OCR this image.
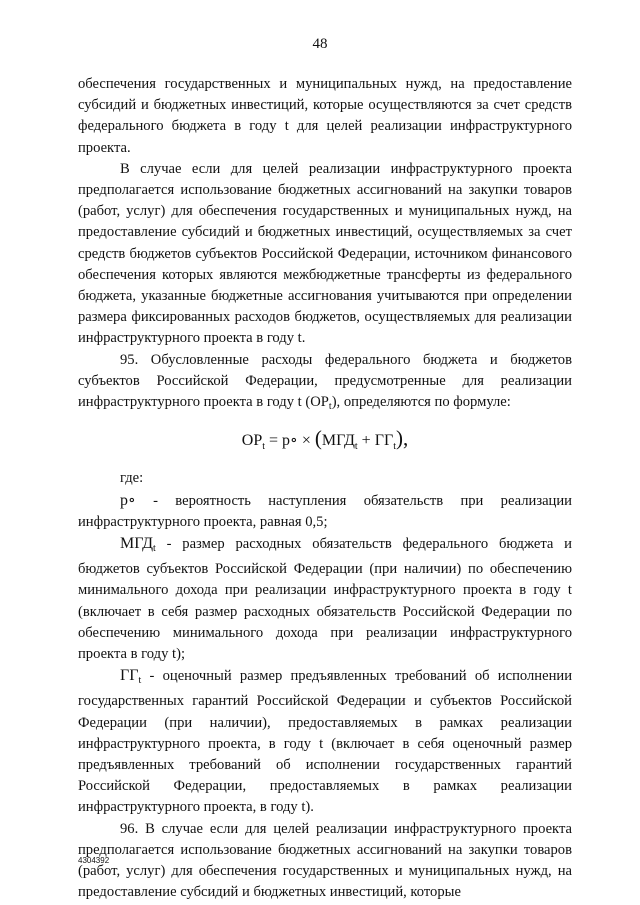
48

обеспечения государственных и муниципальных нужд, на предоставление субсидий и бюджетных инвестиций, которые осуществляются за счет средств федерального бюджета в году t для целей реализации инфраструктурного проекта.

В случае если для целей реализации инфраструктурного проекта предполагается использование бюджетных ассигнований на закупки товаров (работ, услуг) для обеспечения государственных и муниципальных нужд, на предоставление субсидий и бюджетных инвестиций, осуществляемых за счет средств бюджетов субъектов Российской Федерации, источником финансового обеспечения которых являются межбюджетные трансферты из федерального бюджета, указанные бюджетные ассигнования учитываются при определении размера фиксированных расходов бюджетов, осуществляемых для реализации инфраструктурного проекта в году t.

95. Обусловленные расходы федерального бюджета и бюджетов субъектов Российской Федерации, предусмотренные для реализации инфраструктурного проекта в году t $(ОР_t)$, определяются по формуле:

$ОР_t$ = p∘ × $(МГД_t + ГГ_t)$,

где:

p∘ - вероятность наступления обязательств при реализации инфраструктурного проекта, равная 0,5;

$МГД_t$ - размер расходных обязательств федерального бюджета и бюджетов субъектов Российской Федерации (при наличии) по обеспечению минимального дохода при реализации инфраструктурного проекта в году t (включает в себя размер расходных обязательств Российской Федерации по обеспечению минимального дохода при реализации инфраструктурного проекта в году t);

$ГГ_t$ - оценочный размер предъявленных требований об исполнении государственных гарантий Российской Федерации и субъектов Российской Федерации (при наличии), предоставляемых в рамках реализации инфраструктурного проекта, в году t (включает в себя оценочный размер предъявленных требований об исполнении государственных гарантий Российской Федерации, предоставляемых в рамках реализации инфраструктурного проекта, в году t).

96. В случае если для целей реализации инфраструктурного проекта предполагается использование бюджетных ассигнований на закупки товаров (работ, услуг) для обеспечения государственных и муниципальных нужд, на предоставление субсидий и бюджетных инвестиций, которые

4304392
